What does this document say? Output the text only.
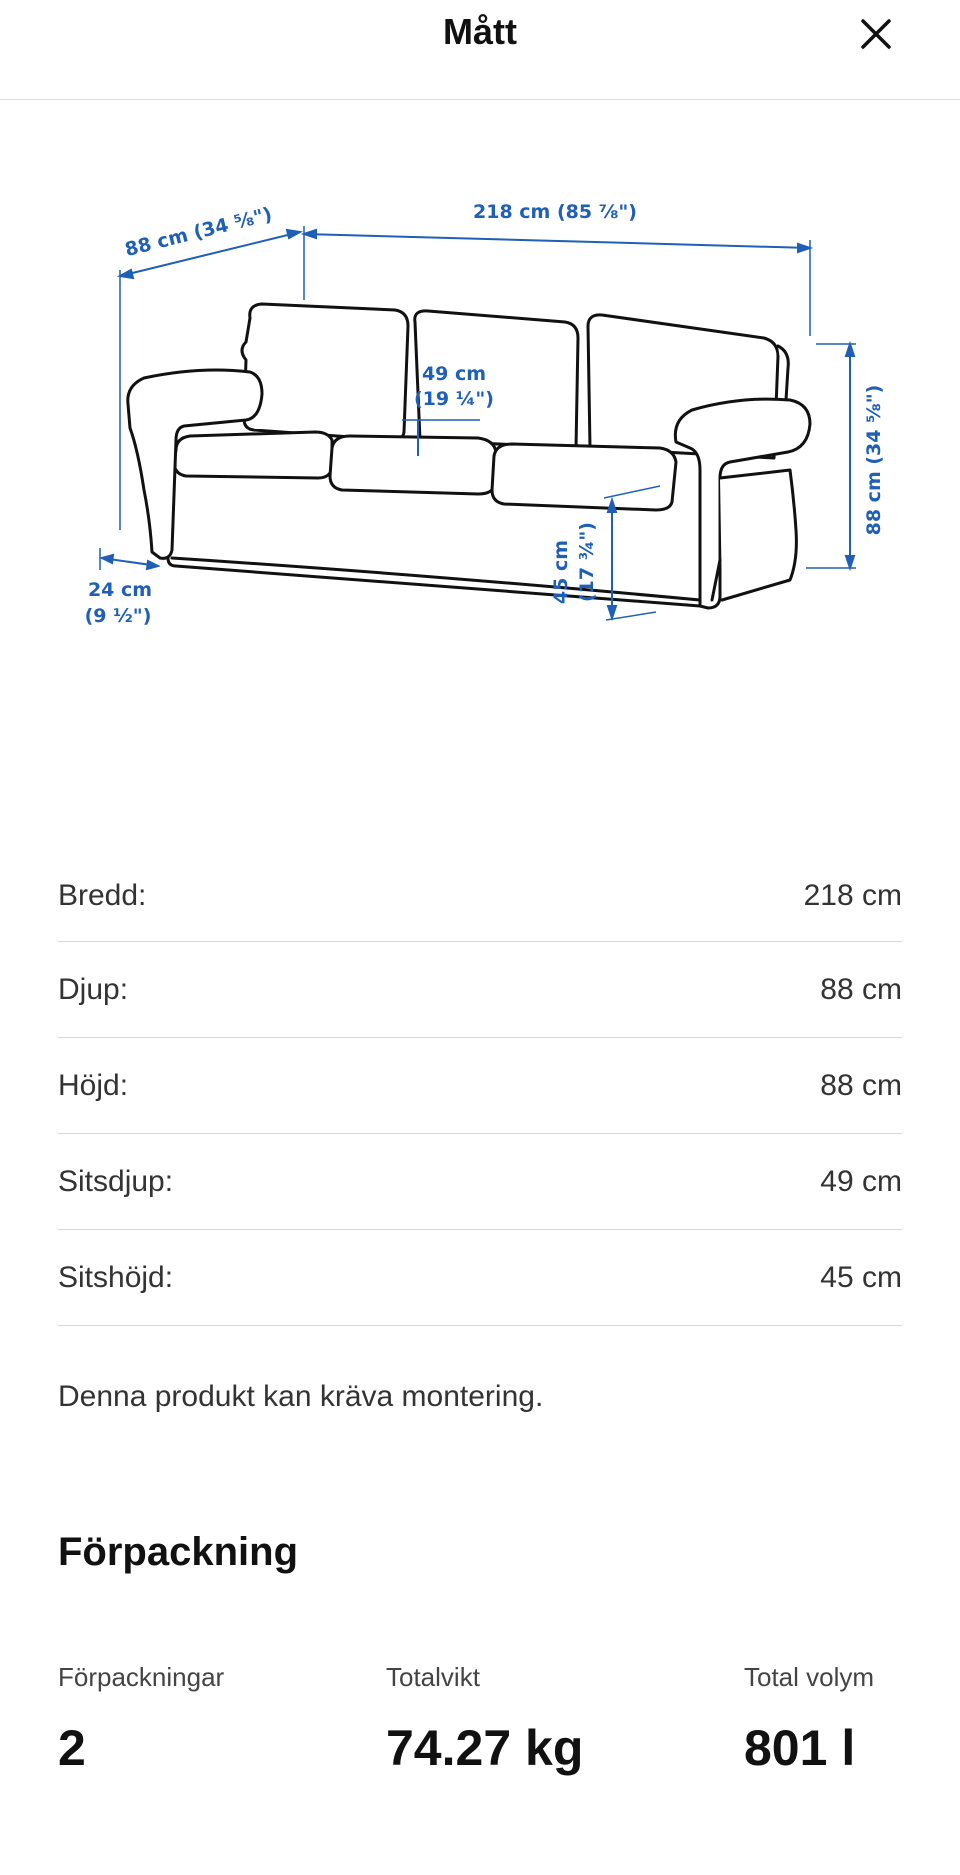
Mått
218 cm (85 ⅞")
88 cm (34 ⅝")
88 cm (34 ⅝")
49 cm
(19 ¼")
45 cm (17 ¾")
24 cm
(9 ½")
Bredd:	218 cm
Djup:	88 cm
Höjd:	88 cm
Sitsdjup:	49 cm
Sitshöjd:	45 cm
Denna produkt kan kräva montering.
Förpackning
Förpackningar
2
Totalvikt
74.27 kg
Total volym
801 l
